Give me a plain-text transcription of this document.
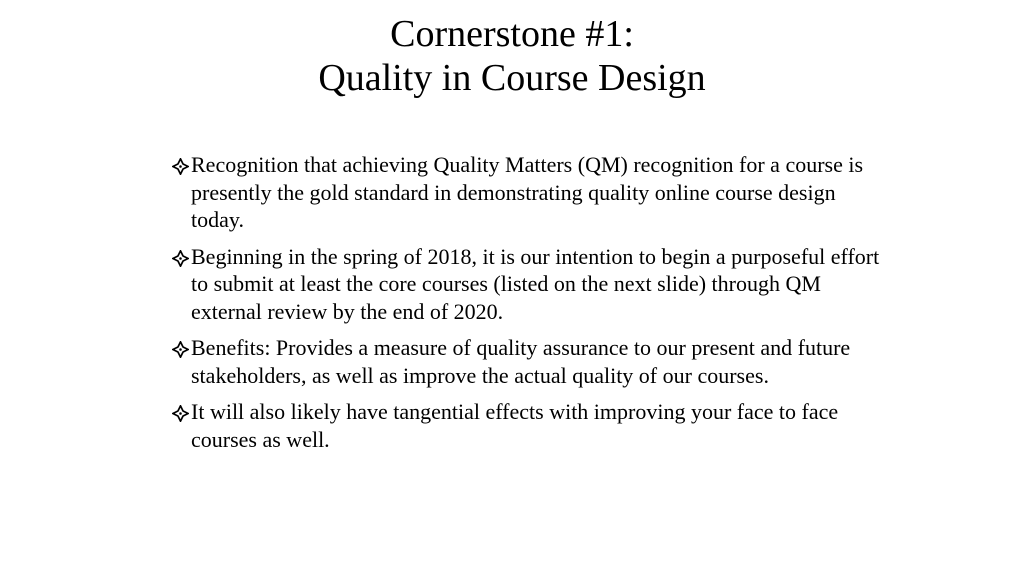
Cornerstone #1:
Quality in Course Design
Recognition that achieving Quality Matters (QM) recognition for a course is presently the gold standard in demonstrating quality online course design today.
Beginning in the spring of 2018, it is our intention to begin a purposeful effort to submit at least the core courses (listed on the next slide) through QM external review by the end of 2020.
Benefits: Provides a measure of quality assurance to our present and future stakeholders, as well as improve the actual quality of our courses.
It will also likely have tangential effects with improving your face to face courses as well.
